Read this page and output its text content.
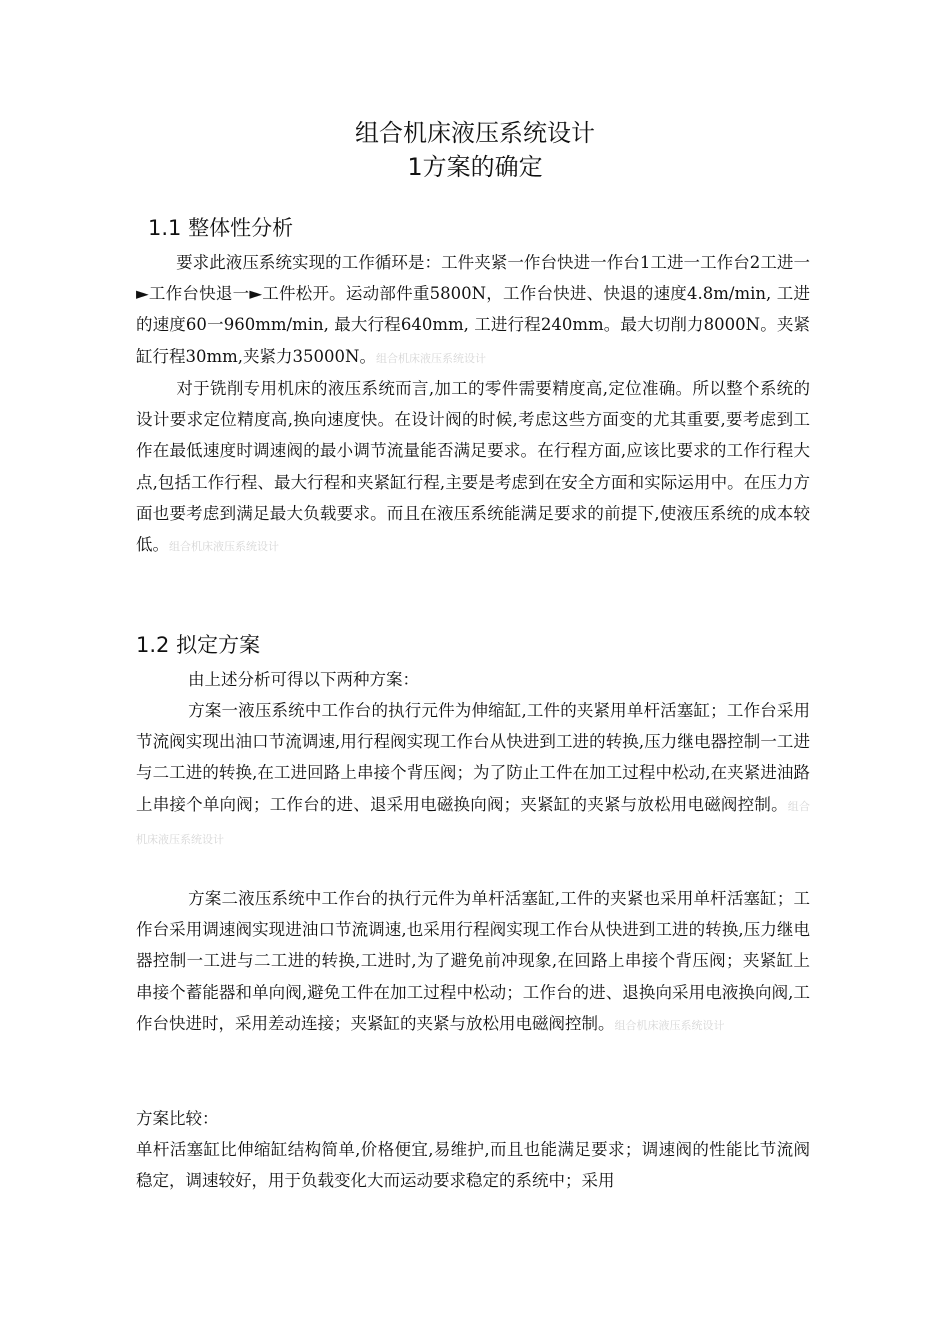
组合机床液压系统设计
1方案的确定
1.1 整体性分析

要求此液压系统实现的工作循环是：工件夹紧一作台快进一作台1工进一工作台2工进一►工作台快退一►工件松开。运动部件重5800N，工作台快进、快退的速度4.8m/min, 工进的速度60一960mm/min, 最大行程640mm, 工进行程240mm。最大切削力8000N。夹紧缸行程30mm,夹紧力35000N。组合机床液压系统设计

对于铣削专用机床的液压系统而言,加工的零件需要精度高,定位准确。所以整个系统的设计要求定位精度高,换向速度快。在设计阀的时候,考虑这些方面变的尤其重要,要考虑到工作在最低速度时调速阀的最小调节流量能否满足要求。在行程方面,应该比要求的工作行程大点,包括工作行程、最大行程和夹紧缸行程,主要是考虑到在安全方面和实际运用中。在压力方面也要考虑到满足最大负载要求。而且在液压系统能满足要求的前提下,使液压系统的成本较低。组合机床液压系统设计

1.2 拟定方案

由上述分析可得以下两种方案：

方案一液压系统中工作台的执行元件为伸缩缸,工件的夹紧用单杆活塞缸；工作台采用节流阀实现出油口节流调速,用行程阀实现工作台从快进到工进的转换,压力继电器控制一工进与二工进的转换,在工进回路上串接个背压阀；为了防止工件在加工过程中松动,在夹紧进油路上串接个单向阀；工作台的进、退采用电磁换向阀；夹紧缸的夹紧与放松用电磁阀控制。组合机床液压系统设计

方案二液压系统中工作台的执行元件为单杆活塞缸,工件的夹紧也采用单杆活塞缸；工作台采用调速阀实现进油口节流调速,也采用行程阀实现工作台从快进到工进的转换,压力继电器控制一工进与二工进的转换,工进时,为了避免前冲现象,在回路上串接个背压阀；夹紧缸上串接个蓄能器和单向阀,避免工件在加工过程中松动；工作台的进、退换向采用电液换向阀,工作台快进时，采用差动连接；夹紧缸的夹紧与放松用电磁阀控制。组合机床液压系统设计

方案比较：

单杆活塞缸比伸缩缸结构简单,价格便宜,易维护,而且也能满足要求；调速阀的性能比节流阀稳定，调速较好，用于负载变化大而运动要求稳定的系统中；采用
